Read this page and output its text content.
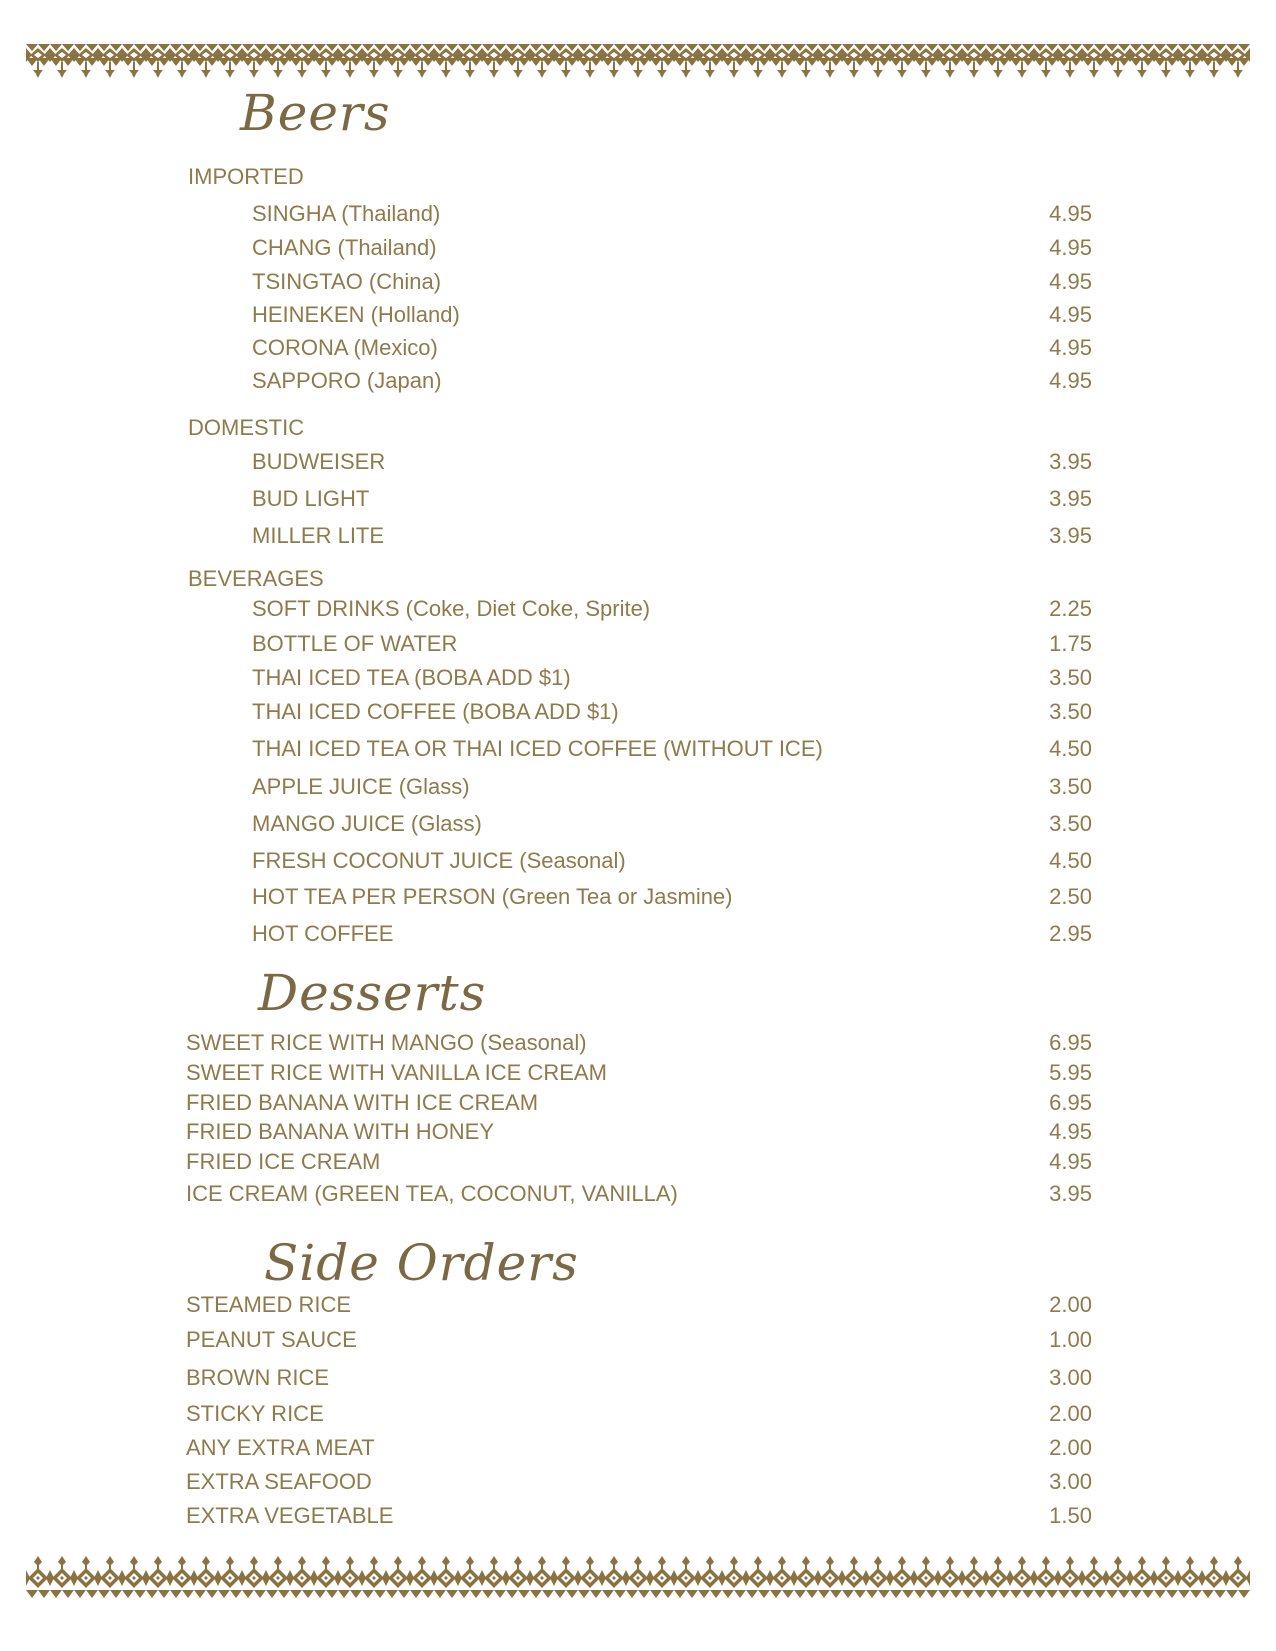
Beers
IMPORTED
SINGHA (Thailand)	4.95
CHANG (Thailand)	4.95
TSINGTAO (China)	4.95
HEINEKEN (Holland)	4.95
CORONA (Mexico)	4.95
SAPPORO (Japan)	4.95
DOMESTIC
BUDWEISER	3.95
BUD LIGHT	3.95
MILLER LITE	3.95
BEVERAGES
SOFT DRINKS (Coke, Diet Coke, Sprite)	2.25
BOTTLE OF WATER	1.75
THAI ICED TEA (BOBA ADD $1)	3.50
THAI ICED COFFEE (BOBA ADD $1)	3.50
THAI ICED TEA OR THAI ICED COFFEE (WITHOUT ICE)	4.50
APPLE JUICE (Glass)	3.50
MANGO JUICE (Glass)	3.50
FRESH COCONUT JUICE (Seasonal)	4.50
HOT TEA PER PERSON (Green Tea or Jasmine)	2.50
HOT COFFEE	2.95
Desserts
SWEET RICE WITH MANGO (Seasonal)	6.95
SWEET RICE WITH VANILLA ICE CREAM	5.95
FRIED BANANA WITH ICE CREAM	6.95
FRIED BANANA WITH HONEY	4.95
FRIED ICE CREAM	4.95
ICE CREAM (GREEN TEA, COCONUT, VANILLA)	3.95
Side Orders
STEAMED RICE	2.00
PEANUT SAUCE	1.00
BROWN RICE	3.00
STICKY RICE	2.00
ANY EXTRA MEAT	2.00
EXTRA SEAFOOD	3.00
EXTRA VEGETABLE	1.50
